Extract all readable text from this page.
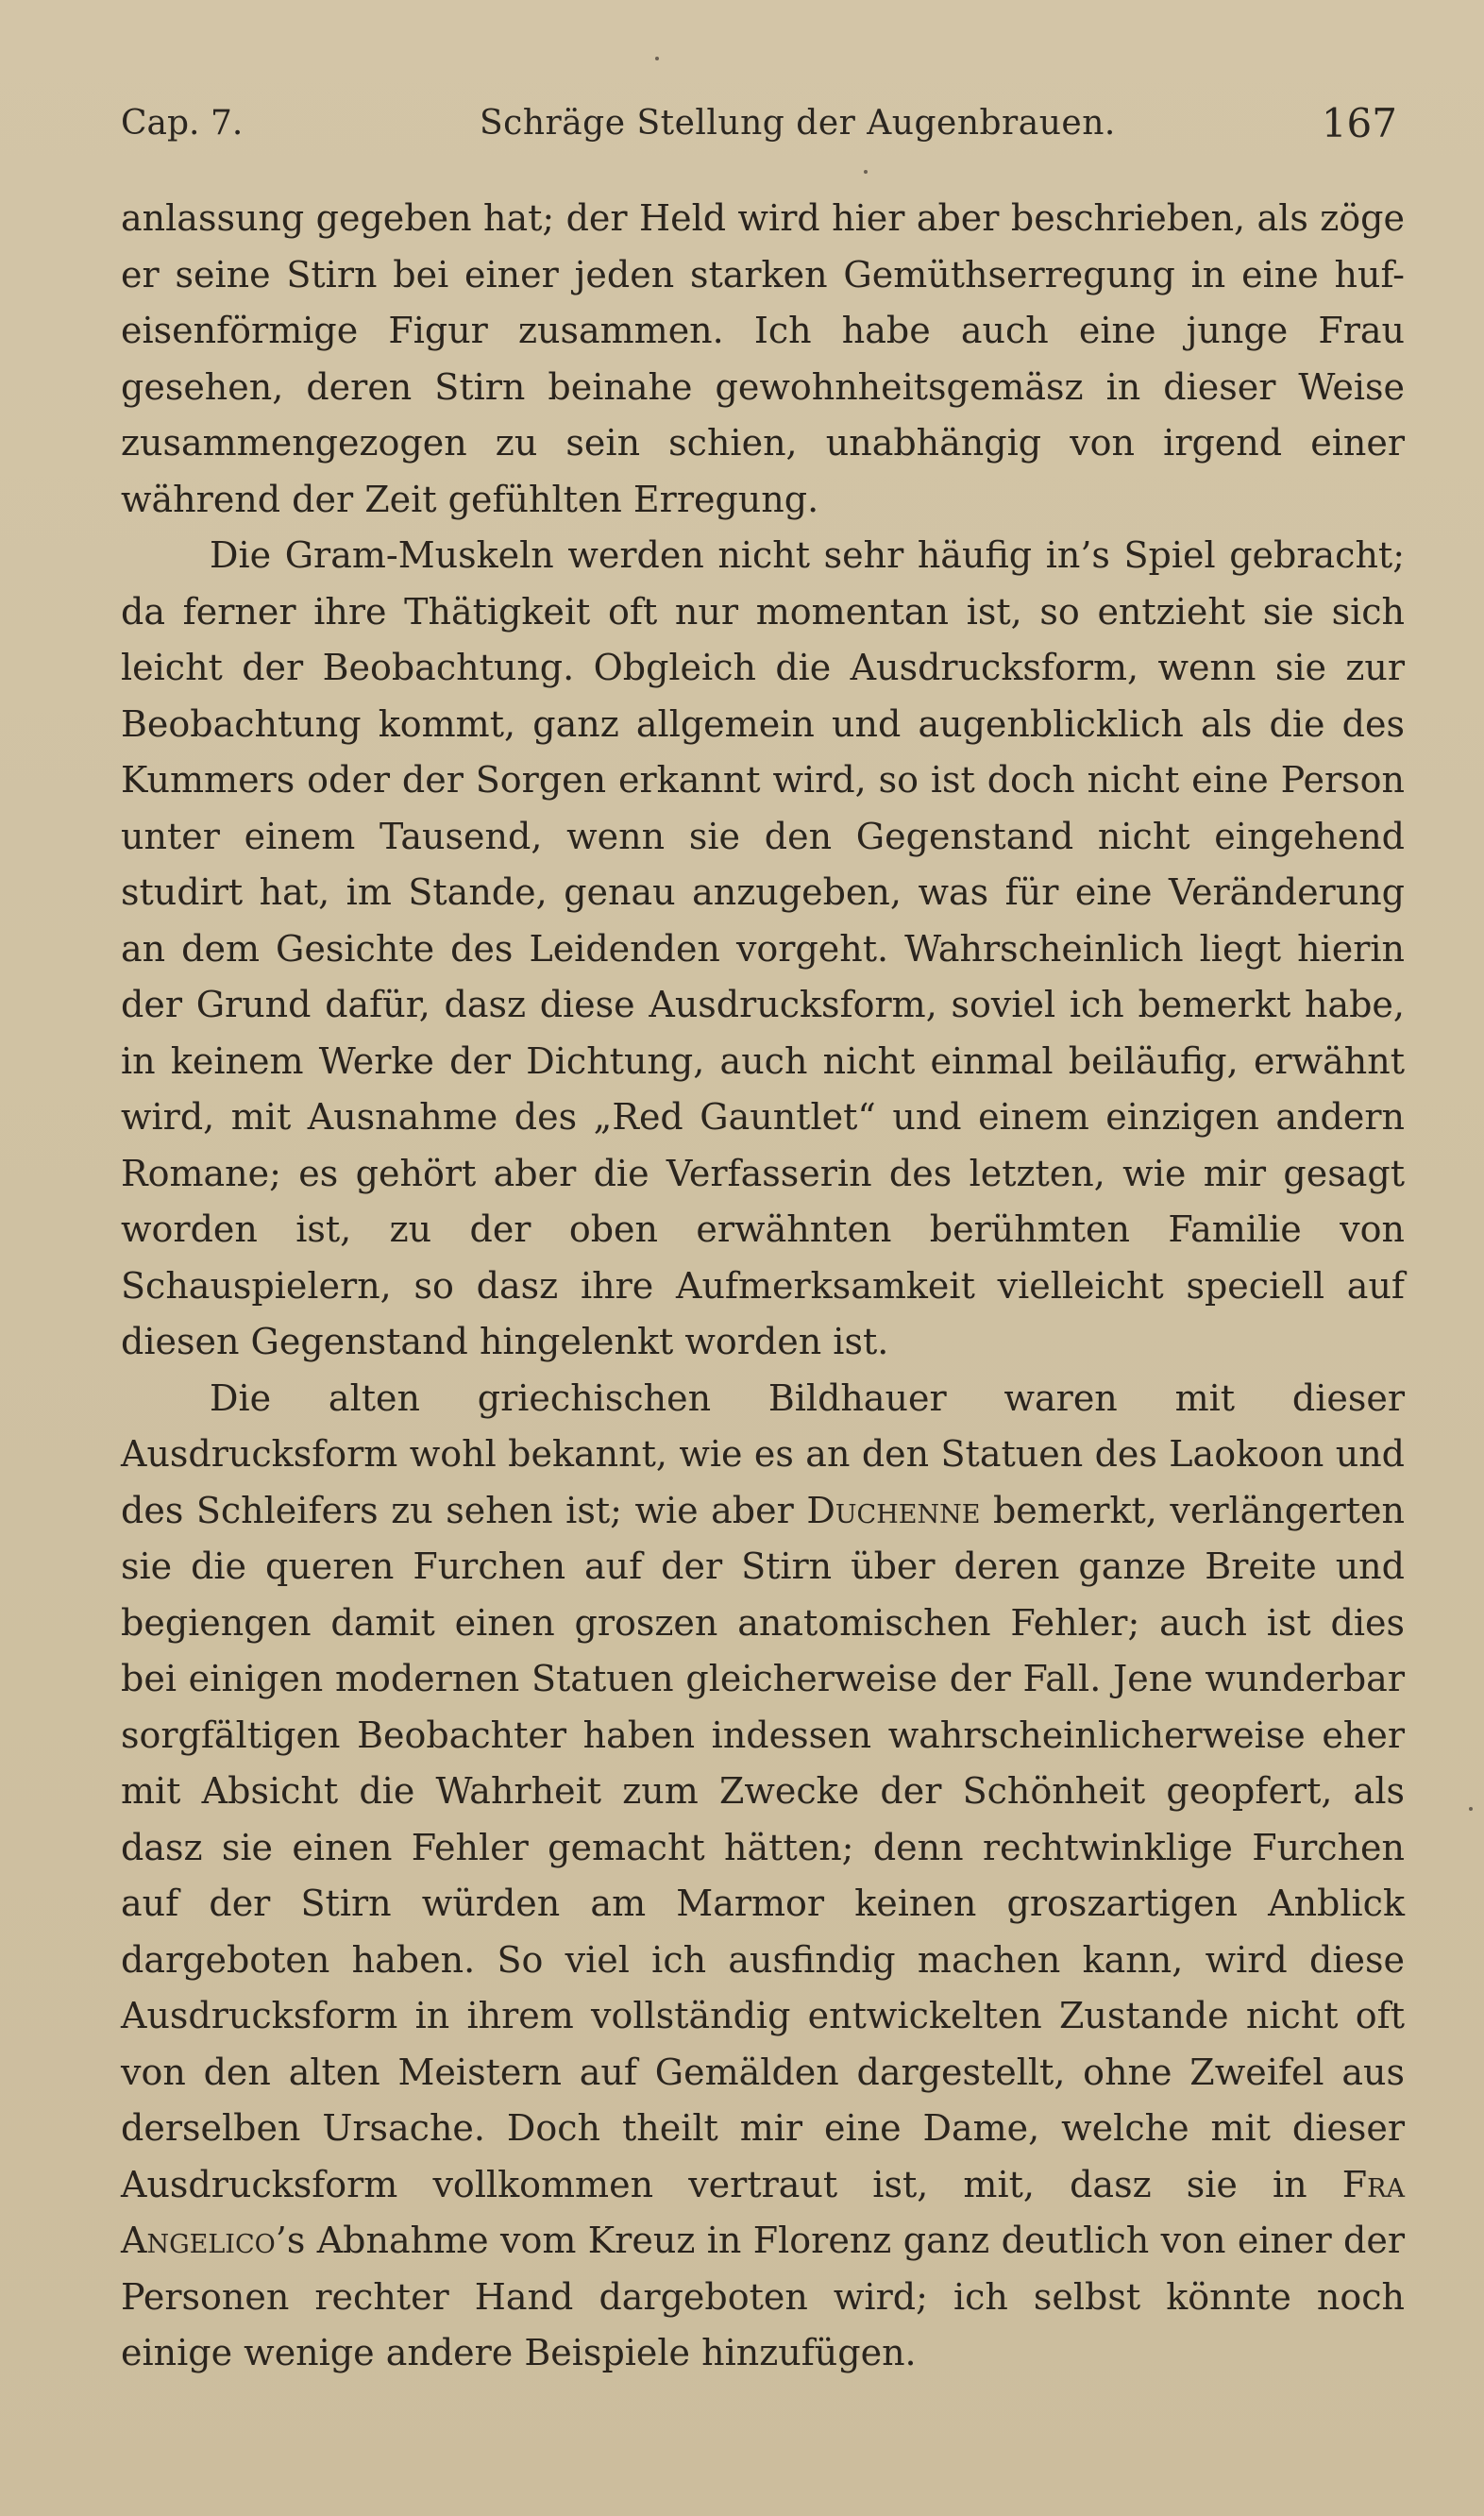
Cap. 7.	Schräge Stellung der Augenbrauen.	167

anlassung gegeben hat; der Held wird hier aber beschrieben, als zöge er seine Stirn bei einer jeden starken Gemüthserregung in eine huf-eisenförmige Figur zusammen. Ich habe auch eine junge Frau gesehen, deren Stirn beinahe gewohnheitsgemäsz in dieser Weise zusammengezogen zu sein schien, unabhängig von irgend einer während der Zeit gefühlten Erregung.

Die Gram-Muskeln werden nicht sehr häufig in’s Spiel gebracht; da ferner ihre Thätigkeit oft nur momentan ist, so entzieht sie sich leicht der Beobachtung. Obgleich die Ausdrucksform, wenn sie zur Beobachtung kommt, ganz allgemein und augenblicklich als die des Kummers oder der Sorgen erkannt wird, so ist doch nicht eine Person unter einem Tausend, wenn sie den Gegenstand nicht eingehend studirt hat, im Stande, genau anzugeben, was für eine Veränderung an dem Gesichte des Leidenden vorgeht. Wahrscheinlich liegt hierin der Grund dafür, dasz diese Ausdrucksform, soviel ich bemerkt habe, in keinem Werke der Dichtung, auch nicht einmal beiläufig, erwähnt wird, mit Ausnahme des „Red Gauntlet“ und einem einzigen andern Romane; es gehört aber die Verfasserin des letzten, wie mir gesagt worden ist, zu der oben erwähnten berühmten Familie von Schauspielern, so dasz ihre Aufmerksamkeit vielleicht speciell auf diesen Gegenstand hingelenkt worden ist.

Die alten griechischen Bildhauer waren mit dieser Ausdrucksform wohl bekannt, wie es an den Statuen des Laokoon und des Schleifers zu sehen ist; wie aber Duchenne bemerkt, verlängerten sie die queren Furchen auf der Stirn über deren ganze Breite und begiengen damit einen groszen anatomischen Fehler; auch ist dies bei einigen modernen Statuen gleicherweise der Fall. Jene wunderbar sorgfältigen Beobachter haben indessen wahrscheinlicherweise eher mit Absicht die Wahrheit zum Zwecke der Schönheit geopfert, als dasz sie einen Fehler gemacht hätten; denn rechtwinklige Furchen auf der Stirn würden am Marmor keinen groszartigen Anblick dargeboten haben. So viel ich ausfindig machen kann, wird diese Ausdrucksform in ihrem vollständig entwickelten Zustande nicht oft von den alten Meistern auf Gemälden dargestellt, ohne Zweifel aus derselben Ursache. Doch theilt mir eine Dame, welche mit dieser Ausdrucksform vollkommen vertraut ist, mit, dasz sie in Fra Angelico’s Abnahme vom Kreuz in Florenz ganz deutlich von einer der Personen rechter Hand dargeboten wird; ich selbst könnte noch einige wenige andere Beispiele hinzufügen.
